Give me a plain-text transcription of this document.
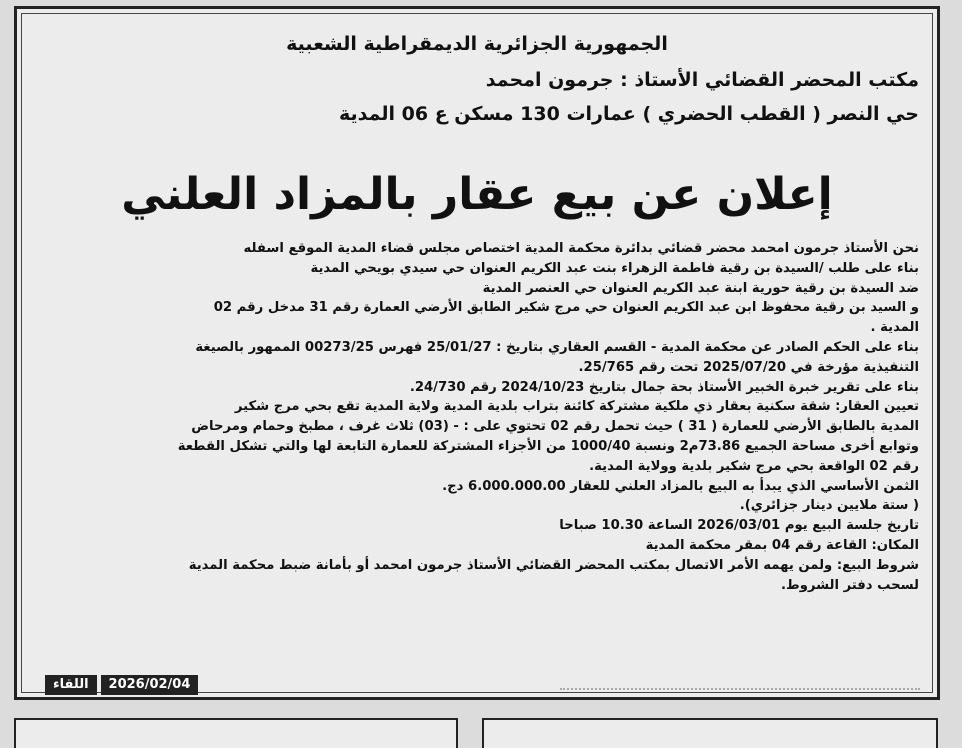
الجمهورية الجزائرية الديمقراطية الشعبية
مكتب المحضر القضائي الأستاذ : جرمون امحمد
حي النصر ( القطب الحضري ) عمارات 130 مسكن ع 06 المدية
إعلان عن بيع عقار بالمزاد العلني

نحن الأستاذ جرمون امحمد محضر قضائي بدائرة محكمة المدية اختصاص مجلس قضاء المدية الموقع اسفله

بناء على طلب /السيدة بن رقية فاطمة الزهراء بنت عبد الكريم العنوان حي سيدي بويحي المدية

ضد السيدة بن رقية حورية ابنة عبد الكريم العنوان حي العنصر المدية

و السيد بن رقية محفوظ ابن عبد الكريم العنوان حي مرج شكير الطابق الأرضي العمارة رقم 31 مدخل رقم 02

المدية .

بناء على الحكم الصادر عن محكمة المدية - القسم العقاري بتاريخ : 25/01/27 فهرس 00273/25 الممهور بالصيغة

التنفيذية مؤرخة في 2025/07/20 تحت رقم 25/765.

بناء على تقرير خبرة الخبير الأستاذ بحة جمال بتاريخ 2024/10/23 رقم 24/730.

تعيين العقار: شقة سكنية بعقار ذي ملكية مشتركة كائنة بتراب بلدية المدية ولاية المدية تقع بحي مرج شكير

المدية بالطابق الأرضي للعمارة ( 31 ) حيث تحمل رقم 02 تحتوي على : - (03) ثلاث غرف ، مطبخ وحمام ومرحاض

وتوابع أخرى مساحة الجميع 73.86م2 ونسبة 1000/40 من الأجزاء المشتركة للعمارة التابعة لها والتي تشكل القطعة

رقم 02 الواقعة بحي مرج شكير بلدية وولاية المدية.

الثمن الأساسي الذي يبدأ به البيع بالمزاد العلني للعقار 6.000.000.00 دج.

( ستة ملايين دينار جزائري).

تاريخ جلسة البيع يوم 2026/03/01 الساعة 10.30 صباحا

المكان: القاعة رقم 04 بمقر محكمة المدية

شروط البيع: ولمن يهمه الأمر الاتصال بمكتب المحضر القضائي الأستاذ جرمون امحمد أو بأمانة ضبط محكمة المدية

لسحب دفتر الشروط.

اللقاء	2026/02/04
